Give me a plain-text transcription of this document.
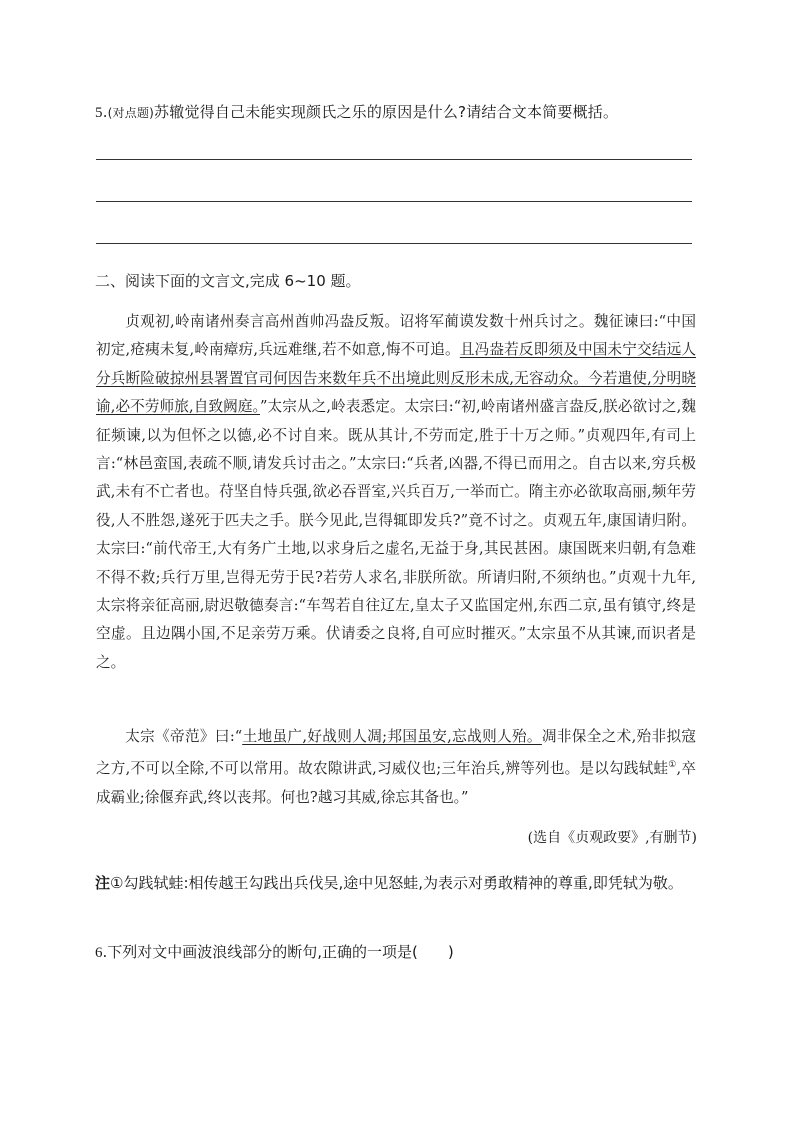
5.(对点题)苏辙觉得自己未能实现颜氏之乐的原因是什么?请结合文本简要概括。
二、阅读下面的文言文,完成 6~10 题。

贞观初,岭南诸州奏言高州酋帅冯盎反叛。诏将军蔺谟发数十州兵讨之。魏征谏曰:“中国初定,疮痍未复,岭南瘴疠,兵远难继,若不如意,悔不可追。且冯盎若反即须及中国未宁交结远人分兵断险破掠州县署置官司何因告来数年兵不出境此则反形未成,无容动众。今若遣使,分明晓谕,必不劳师旅,自致阙庭。”太宗从之,岭表悉定。太宗曰:“初,岭南诸州盛言盎反,朕必欲讨之,魏征频谏,以为但怀之以德,必不讨自来。既从其计,不劳而定,胜于十万之师。”贞观四年,有司上言:“林邑蛮国,表疏不顺,请发兵讨击之。”太宗曰:“兵者,凶器,不得已而用之。自古以来,穷兵极武,未有不亡者也。苻坚自恃兵强,欲必吞晋室,兴兵百万,一举而亡。隋主亦必欲取高丽,频年劳役,人不胜怨,遂死于匹夫之手。朕今见此,岂得辄即发兵?”竟不讨之。贞观五年,康国请归附。太宗曰:“前代帝王,大有务广土地,以求身后之虚名,无益于身,其民甚困。康国既来归朝,有急难不得不救;兵行万里,岂得无劳于民?若劳人求名,非朕所欲。所请归附,不须纳也。”贞观十九年,太宗将亲征高丽,尉迟敬德奏言:“车驾若自往辽左,皇太子又监国定州,东西二京,虽有镇守,终是空虚。且边隅小国,不足亲劳万乘。伏请委之良将,自可应时摧灭。”太宗虽不从其谏,而识者是之。

太宗《帝范》曰:“土地虽广,好战则人凋;邦国虽安,忘战则人殆。凋非保全之术,殆非拟寇之方,不可以全除,不可以常用。故农隙讲武,习威仪也;三年治兵,辨等列也。是以勾践轼蛙①,卒成霸业;徐偃弃武,终以丧邦。何也?越习其威,徐忘其备也。”

(选自《贞观政要》,有删节)
注①勾践轼蛙:相传越王勾践出兵伐吴,途中见怒蛙,为表示对勇敢精神的尊重,即凭轼为敬。
6.下列对文中画波浪线部分的断句,正确的一项是( )
